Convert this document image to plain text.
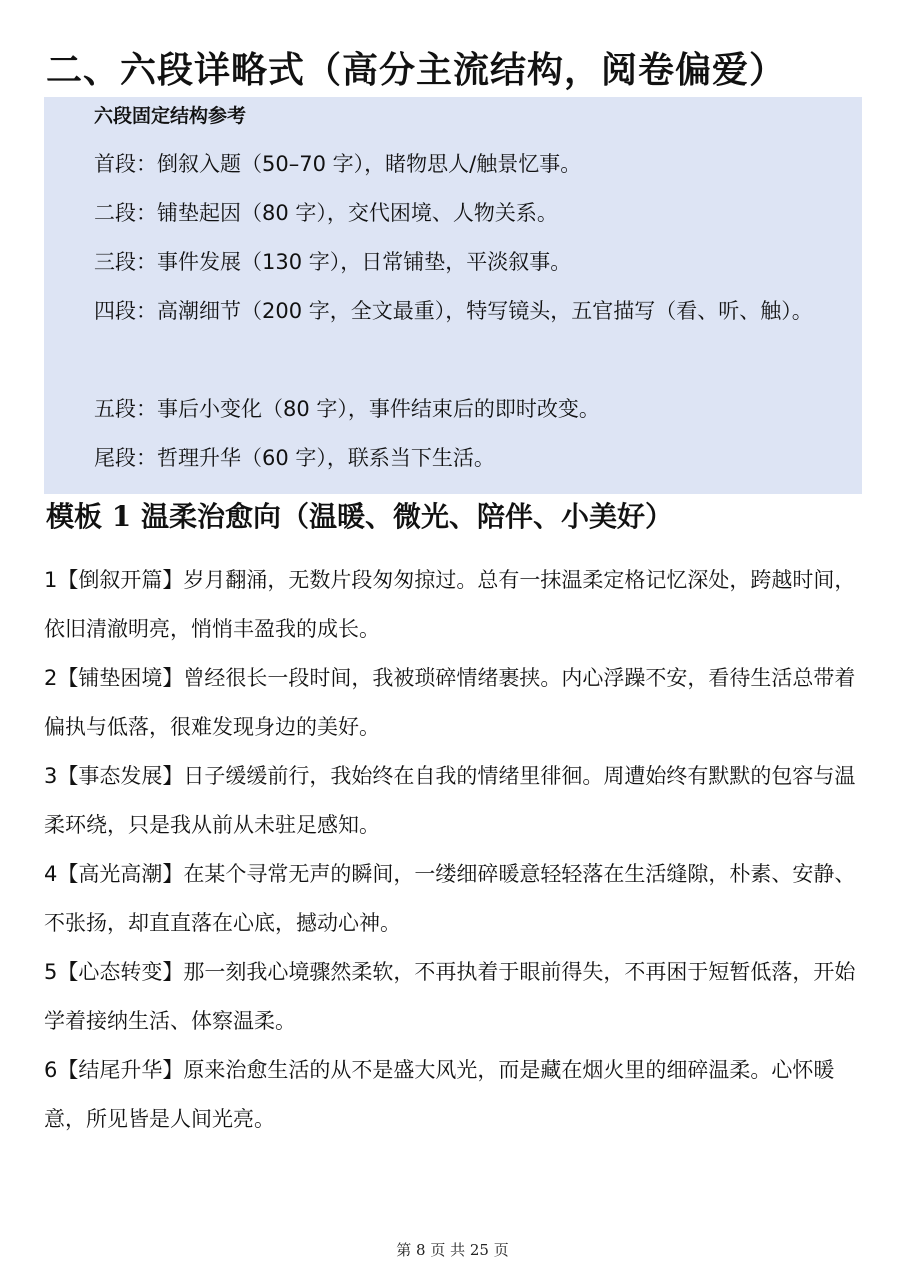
二、六段详略式（高分主流结构，阅卷偏爱）
六段固定结构参考

首段：倒叙入题（50–70 字），睹物思人/触景忆事。

二段：铺垫起因（80 字），交代困境、人物关系。

三段：事件发展（130 字），日常铺垫，平淡叙事。

四段：高潮细节（200 字，全文最重），特写镜头，五官描写（看、听、触）。

五段：事后小变化（80 字），事件结束后的即时改变。

尾段：哲理升华（60 字），联系当下生活。

模板 1 温柔治愈向（温暖、微光、陪伴、小美好）

1【倒叙开篇】岁月翻涌，无数片段匆匆掠过。总有一抹温柔定格记忆深处，跨越时间，依旧清澈明亮，悄悄丰盈我的成长。

2【铺垫困境】曾经很长一段时间，我被琐碎情绪裹挟。内心浮躁不安，看待生活总带着偏执与低落，很难发现身边的美好。

3【事态发展】日子缓缓前行，我始终在自我的情绪里徘徊。周遭始终有默默的包容与温柔环绕，只是我从前从未驻足感知。

4【高光高潮】在某个寻常无声的瞬间，一缕细碎暖意轻轻落在生活缝隙，朴素、安静、不张扬，却直直落在心底，撼动心神。

5【心态转变】那一刻我心境骤然柔软，不再执着于眼前得失，不再困于短暂低落，开始学着接纳生活、体察温柔。

6【结尾升华】原来治愈生活的从不是盛大风光，而是藏在烟火里的细碎温柔。心怀暖意，所见皆是人间光亮。

第 8 页 共 25 页
